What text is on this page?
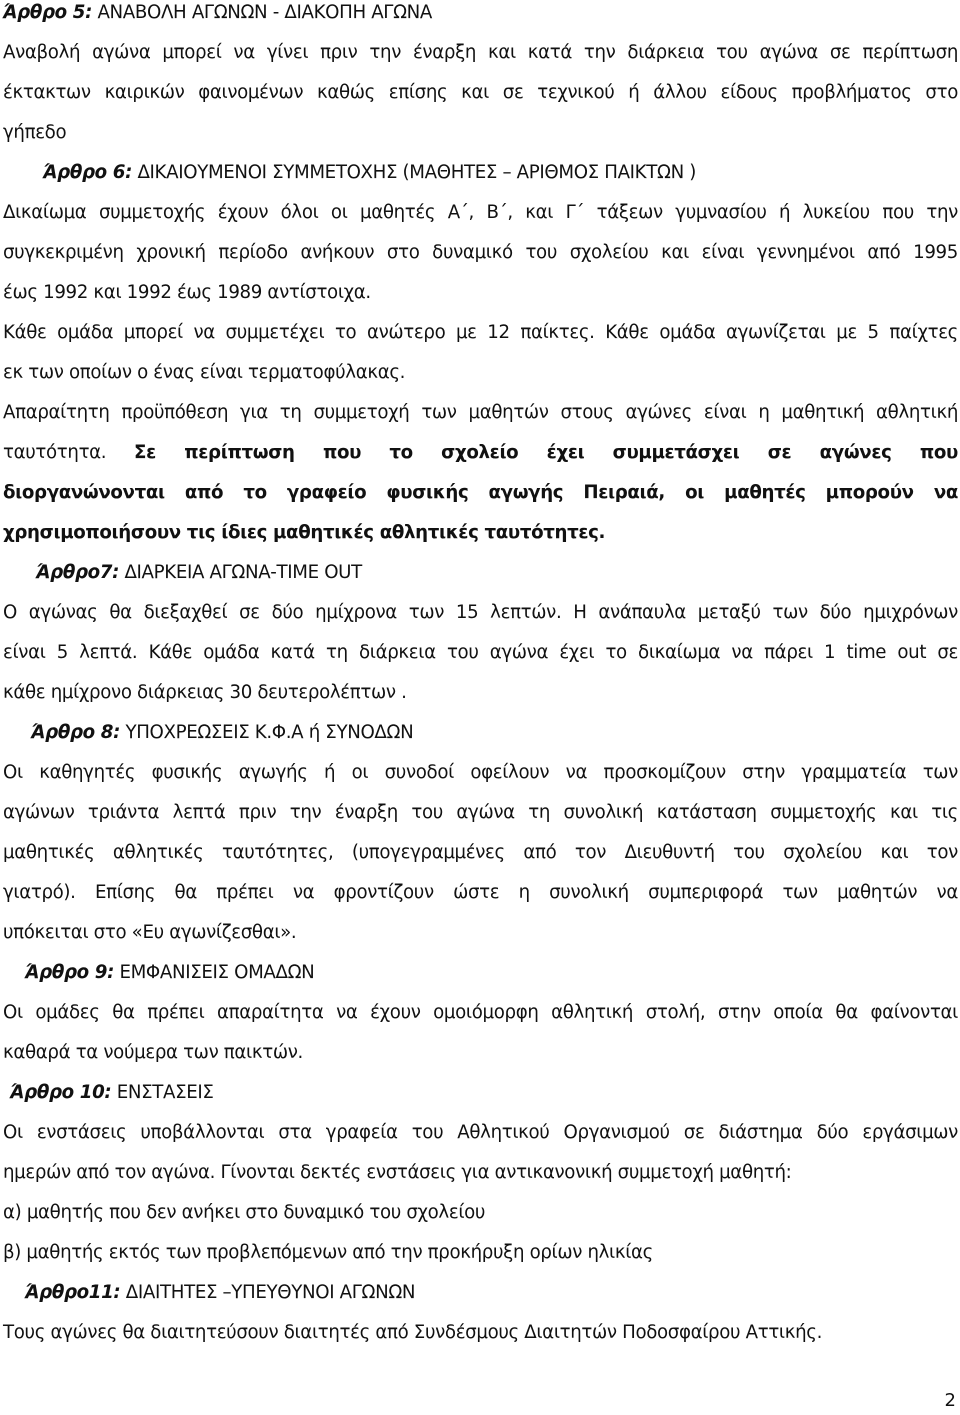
Άρθρο 5: ΑΝΑΒΟΛΗ ΑΓΩΝΩΝ - ΔΙΑΚΟΠΗ ΑΓΩΝΑ
Αναβολή αγώνα μπορεί να γίνει πριν την έναρξη και κατά την διάρκεια του αγώνα σε περίπτωση
έκτακτων καιρικών φαινομένων καθώς επίσης και σε τεχνικού ή άλλου είδους προβλήματος στο
γήπεδο
Άρθρο 6: ΔΙΚΑΙΟΥΜΕΝΟΙ ΣΥΜΜΕΤΟΧΗΣ (ΜΑΘΗΤΕΣ – ΑΡΙΘΜΟΣ ΠΑΙΚΤΩΝ )
Δικαίωμα συμμετοχής έχουν όλοι οι μαθητές Α΄, Β΄, και Γ΄ τάξεων γυμνασίου ή λυκείου που την
συγκεκριμένη χρονική περίοδο ανήκουν στο δυναμικό του σχολείου και είναι γεννημένοι από 1995
έως 1992 και 1992 έως 1989 αντίστοιχα.
Κάθε ομάδα μπορεί να συμμετέχει το ανώτερο με 12 παίκτες. Κάθε ομάδα αγωνίζεται με 5 παίχτες
εκ των οποίων ο ένας είναι τερματοφύλακας.
Απαραίτητη προϋπόθεση για τη συμμετοχή των μαθητών στους αγώνες είναι η μαθητική αθλητική
ταυτότητα. Σε περίπτωση που το σχολείο έχει συμμετάσχει σε αγώνες που
διοργανώνονται από το γραφείο φυσικής αγωγής Πειραιά, οι μαθητές μπορούν να
χρησιμοποιήσουν τις ίδιες μαθητικές αθλητικές ταυτότητες.
Άρθρο7: ΔΙΑΡΚΕΙΑ ΑΓΩΝΑ-TIME OUT
Ο αγώνας θα διεξαχθεί σε δύο ημίχρονα των 15 λεπτών. Η ανάπαυλα μεταξύ των δύο ημιχρόνων
είναι 5 λεπτά. Κάθε ομάδα κατά τη διάρκεια του αγώνα έχει το δικαίωμα να πάρει 1 time out σε
κάθε ημίχρονο διάρκειας 30 δευτερολέπτων .
Άρθρο 8: ΥΠΟΧΡΕΩΣΕΙΣ Κ.Φ.Α ή ΣΥΝΟΔΩΝ
Οι καθηγητές φυσικής αγωγής ή οι συνοδοί οφείλουν να προσκομίζουν στην γραμματεία των
αγώνων τριάντα λεπτά πριν την έναρξη του αγώνα τη συνολική κατάσταση συμμετοχής και τις
μαθητικές αθλητικές ταυτότητες, (υπογεγραμμένες από τον Διευθυντή του σχολείου και τον
γιατρό). Επίσης θα πρέπει να φροντίζουν ώστε η συνολική συμπεριφορά των μαθητών να
υπόκειται στο «Ευ αγωνίζεσθαι».
Άρθρο 9: ΕΜΦΑΝΙΣΕΙΣ ΟΜΑΔΩΝ
Οι ομάδες θα πρέπει απαραίτητα να έχουν ομοιόμορφη αθλητική στολή, στην οποία θα φαίνονται
καθαρά τα νούμερα των παικτών.
Άρθρο 10: ΕΝΣΤΑΣΕΙΣ
Οι ενστάσεις υποβάλλονται στα γραφεία του Αθλητικού Οργανισμού σε διάστημα δύο εργάσιμων
ημερών από τον αγώνα. Γίνονται δεκτές ενστάσεις για αντικανονική συμμετοχή μαθητή:
α) μαθητής που δεν ανήκει στο δυναμικό του σχολείου
β) μαθητής εκτός των προβλεπόμενων από την προκήρυξη ορίων ηλικίας
Άρθρο11: ΔΙΑΙΤΗΤΕΣ –ΥΠΕΥΘΥΝΟΙ ΑΓΩΝΩΝ
Τους αγώνες θα διαιτητεύσουν διαιτητές από Συνδέσμους Διαιτητών Ποδοσφαίρου Αττικής.
2
